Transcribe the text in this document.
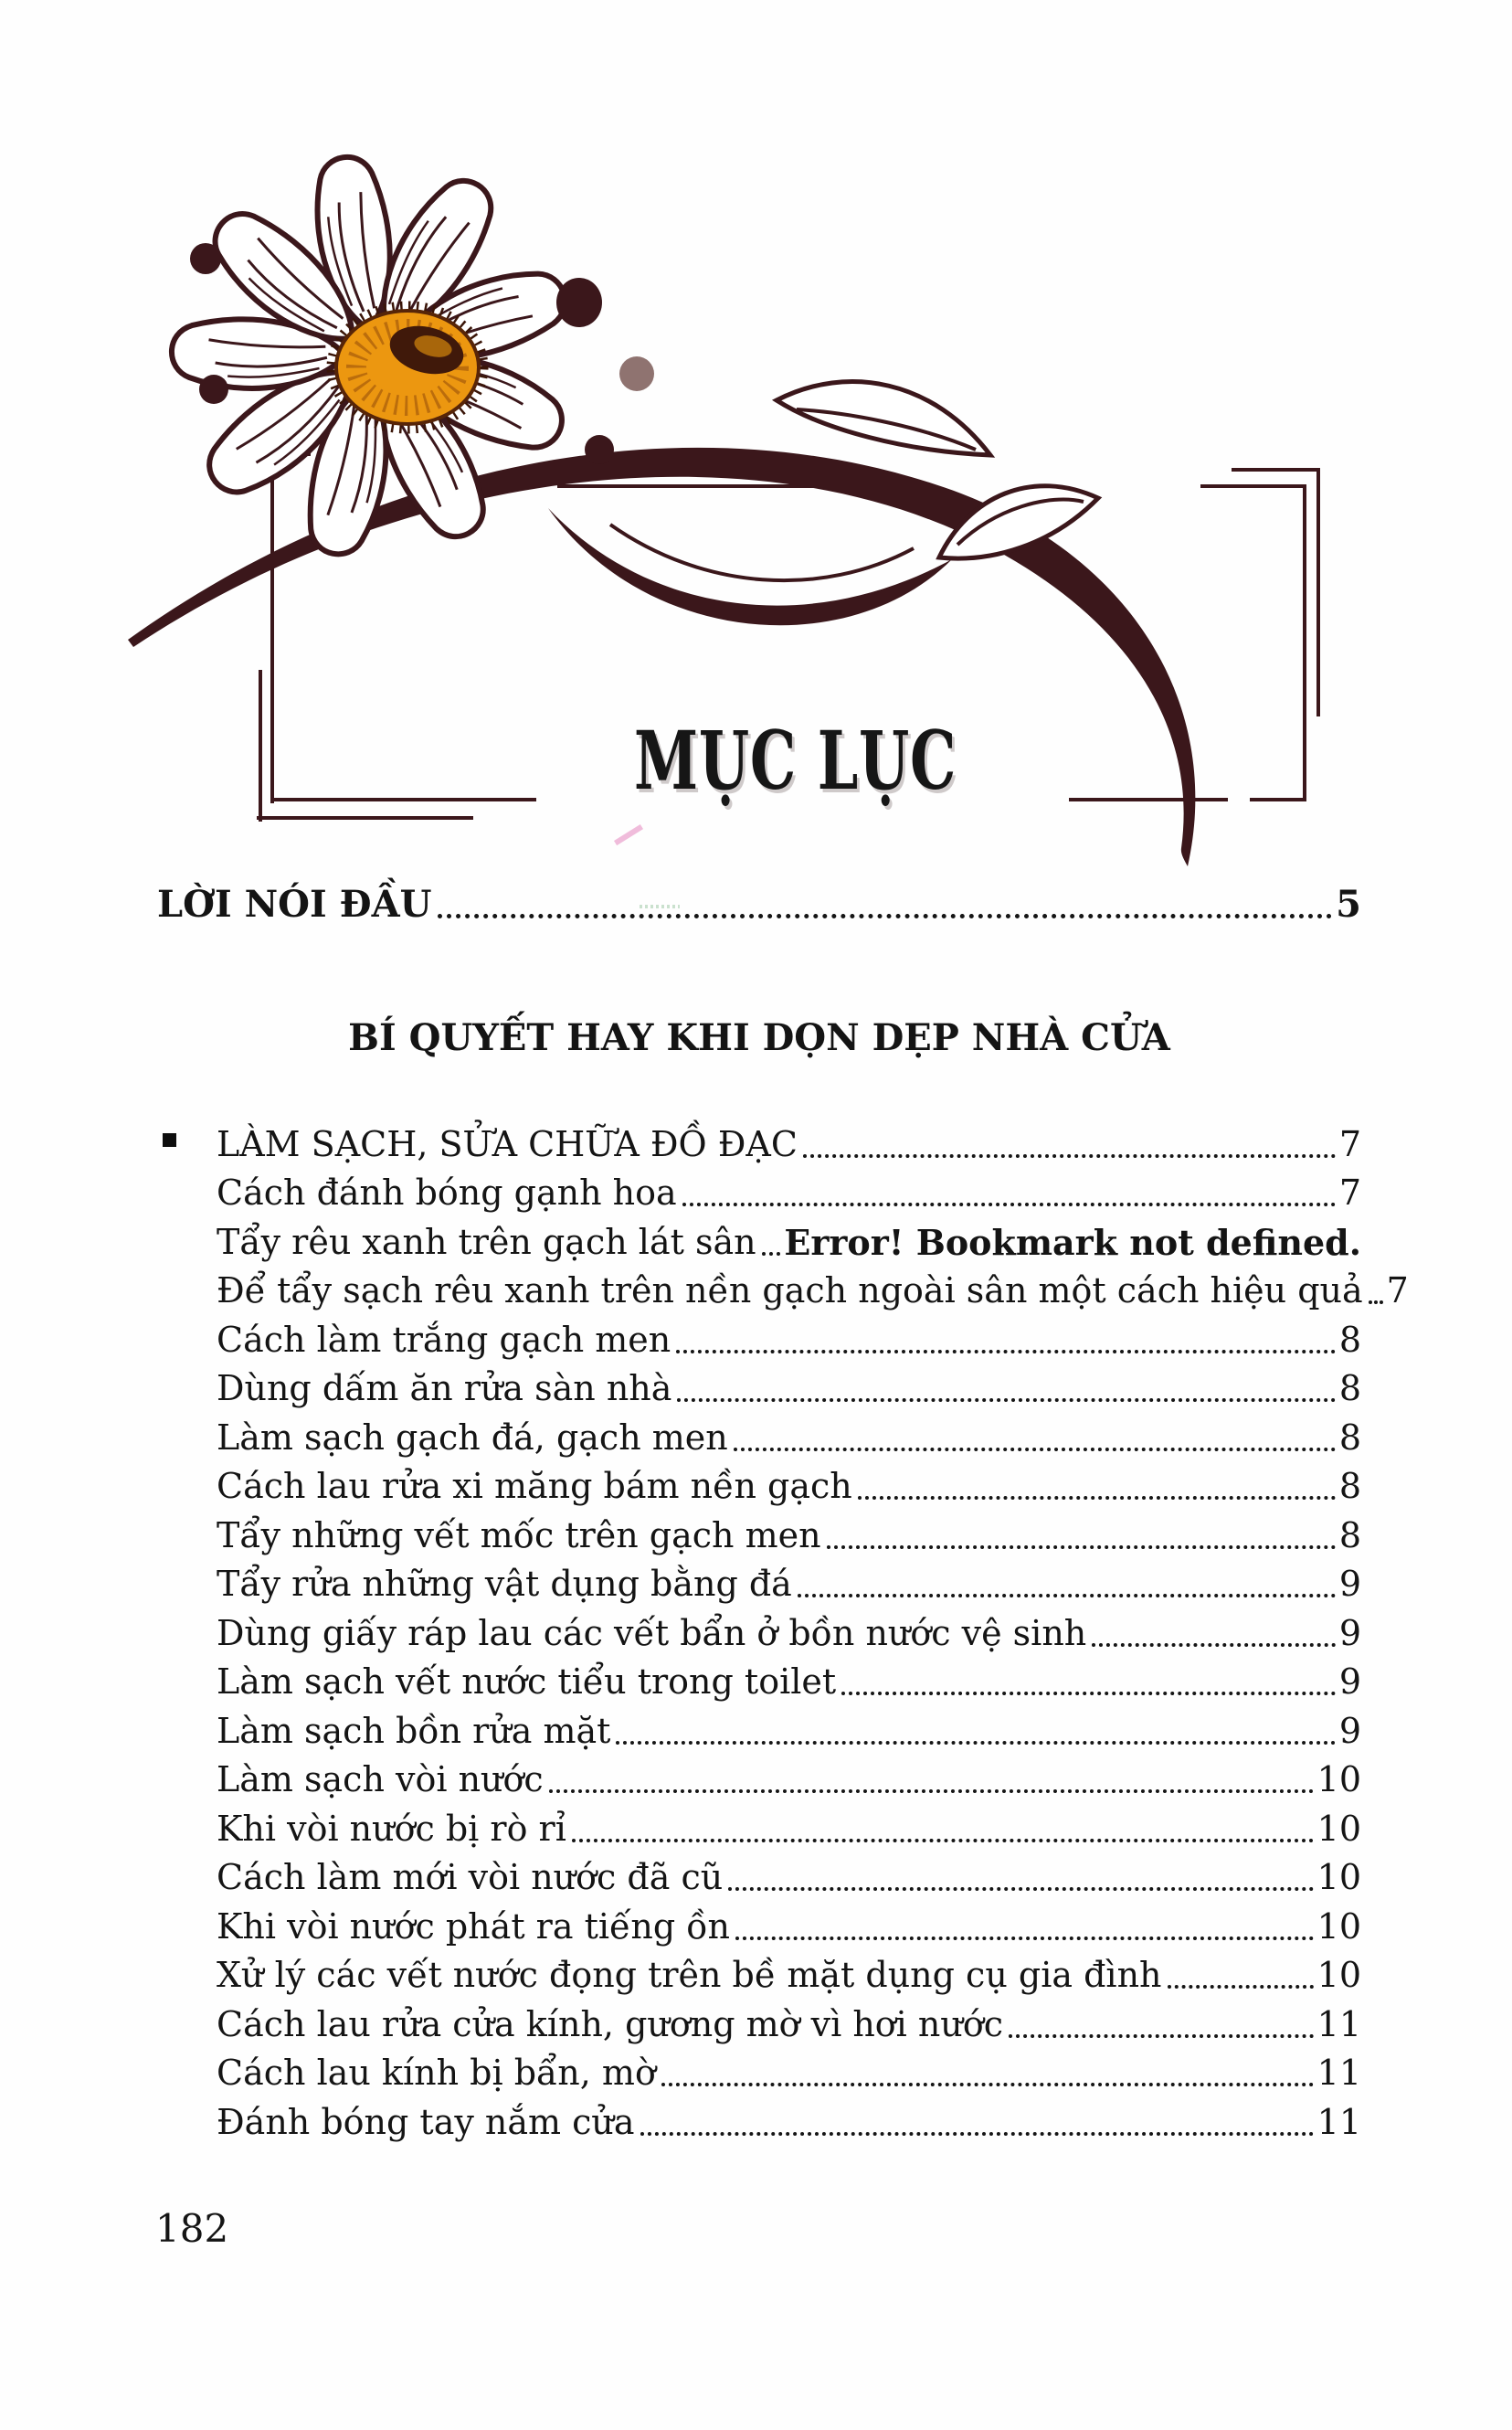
MỤC LỤC
LỜI NÓI ĐẦU	5
BÍ QUYẾT HAY KHI DỌN DẸP NHÀ CỬA
LÀM SẠCH, SỬA CHỮA ĐỒ ĐẠC	7
Cách đánh bóng gạnh hoa	7
Tẩy rêu xanh trên gạch lát sân Error! Bookmark not defined.
Để tẩy sạch rêu xanh trên nền gạch ngoài sân một cách hiệu quả 7
Cách làm trắng gạch men	8
Dùng dấm ăn rửa sàn nhà	8
Làm sạch gạch đá, gạch men	8
Cách lau rửa xi măng bám nền gạch	8
Tẩy những vết mốc trên gạch men	8
Tẩy rửa những vật dụng bằng đá	9
Dùng giấy ráp lau các vết bẩn ở bồn nước vệ sinh	9
Làm sạch vết nước tiểu trong toilet	9
Làm sạch bồn rửa mặt	9
Làm sạch vòi nước	10
Khi vòi nước bị rò rỉ	10
Cách làm mới vòi nước đã cũ	10
Khi vòi nước phát ra tiếng ồn	10
Xử lý các vết nước đọng trên bề mặt dụng cụ gia đình	10
Cách lau rửa cửa kính, gương mờ vì hơi nước	11
Cách lau kính bị bẩn, mờ	11
Đánh bóng tay nắm cửa	11
182
